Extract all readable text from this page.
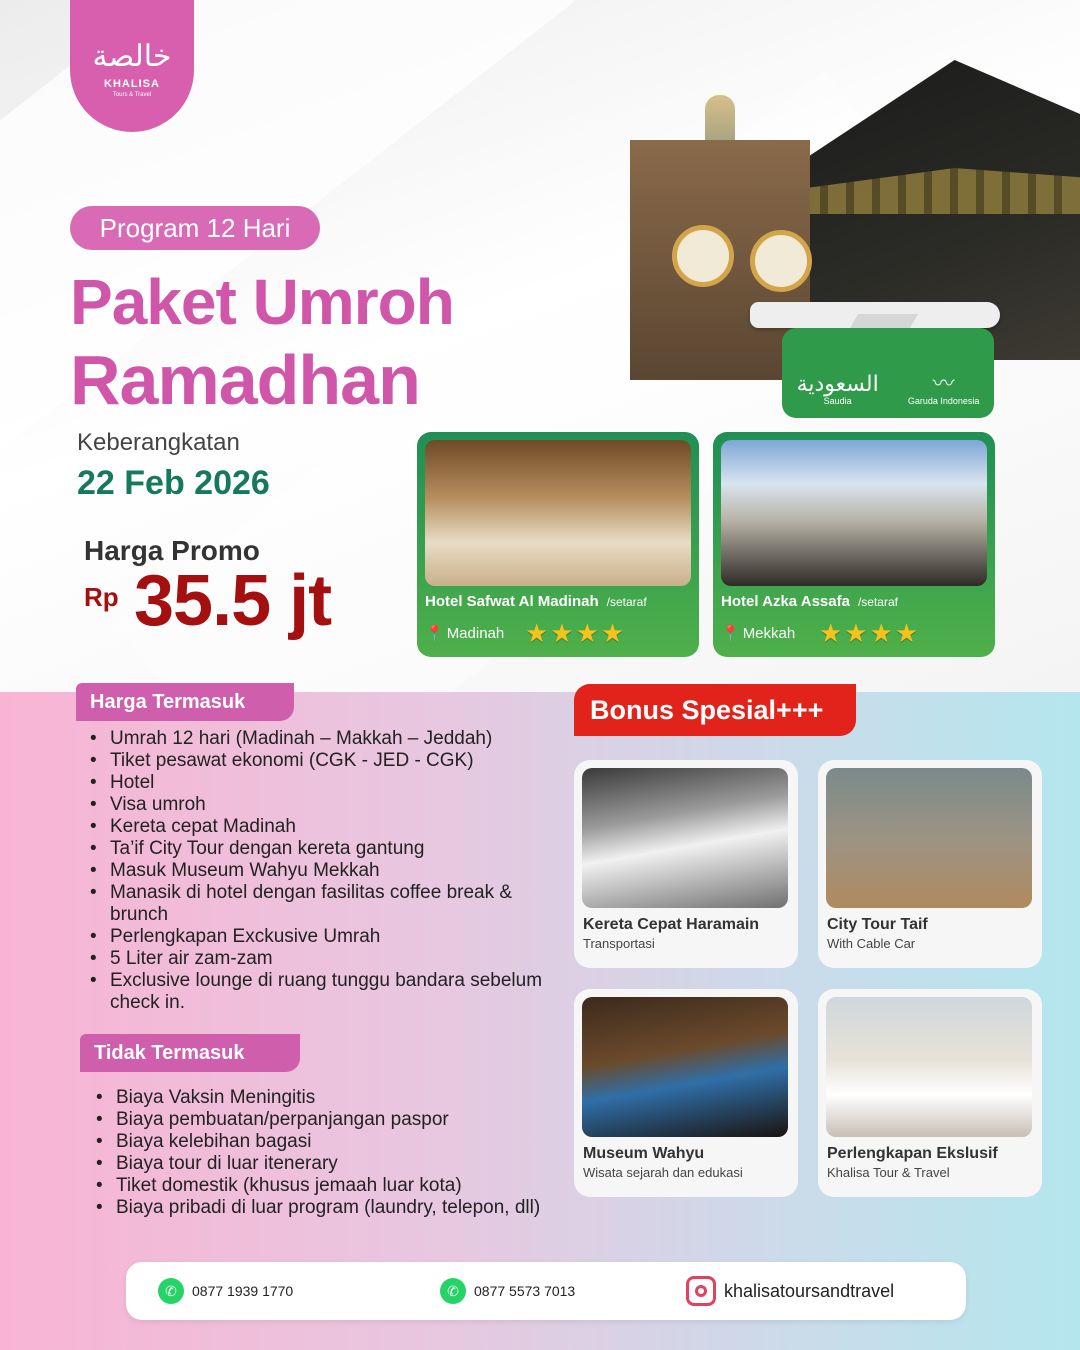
خالصة
KHALISA
Tours & Travel
السعودية
Saudia
〰
Garuda Indonesia
Program 12 Hari
Paket Umroh
Ramadhan
Keberangkatan
22 Feb 2026
Harga Promo
Rp 35.5 jt	Hotel Safwat Al Madinah /setaraf
📍 Madinah ★★★★
Hotel Azka Assafa /setaraf
📍 Mekkah ★★★★
Harga Termasuk
• Umrah 12 hari (Madinah – Makkah – Jeddah)
• Tiket pesawat ekonomi (CGK - JED - CGK)
• Hotel
• Visa umroh
• Kereta cepat Madinah
• Ta’if City Tour dengan kereta gantung
• Masuk Museum Wahyu Mekkah
• Manasik di hotel dengan fasilitas coffee break & brunch
• Perlengkapan Exckusive Umrah
• 5 Liter air zam-zam
• Exclusive lounge di ruang tunggu bandara sebelum check in.
Tidak Termasuk
• Biaya Vaksin Meningitis
• Biaya pembuatan/perpanjangan paspor
• Biaya kelebihan bagasi
• Biaya tour di luar itenerary
• Tiket domestik (khusus jemaah luar kota)
• Biaya pribadi di luar program (laundry, telepon, dll)
Bonus Spesial+++
Kereta Cepat Haramain
Transportasi
City Tour Taif
With Cable Car
Museum Wahyu
Wisata sejarah dan edukasi
Perlengkapan Ekslusif
Khalisa Tour & Travel
✆	0877 1939 1770	✆	0877 5573 7013	khalisatoursandtravel
